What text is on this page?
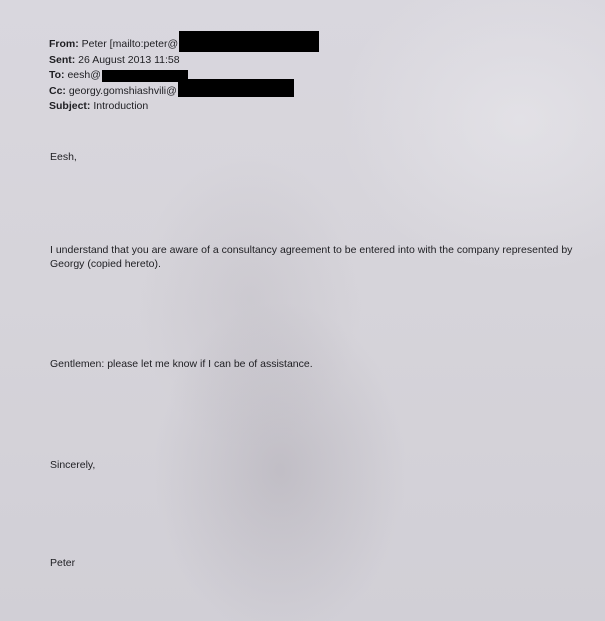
From: Peter [mailto:peter@
Sent: 26 August 2013 11:58
To: eesh@
Cc: georgy.gomshiashvili@
Subject: Introduction
Eesh,
I understand that you are aware of a consultancy agreement to be entered into with the company represented by Georgy (copied hereto).
Gentlemen: please let me know if I can be of assistance.
Sincerely,
Peter
